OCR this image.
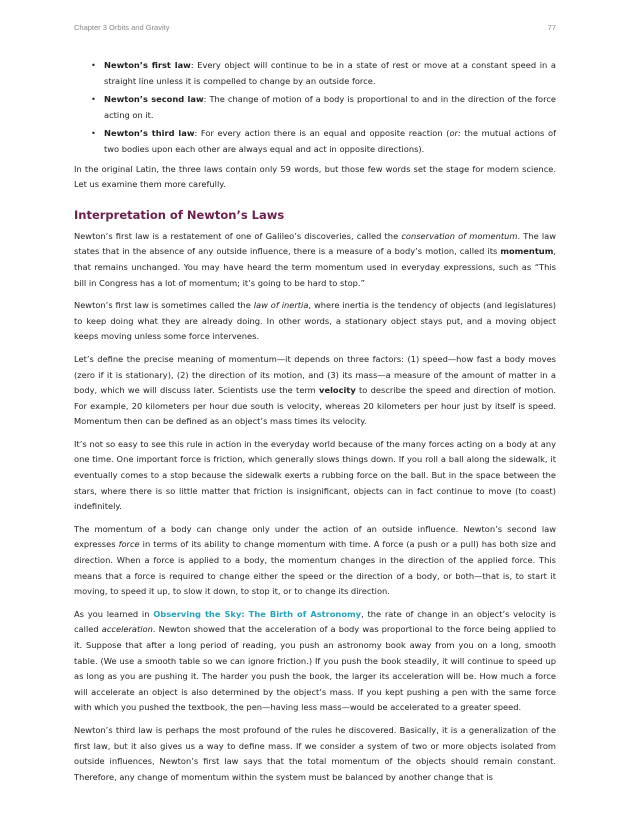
Chapter 3 Orbits and Gravity	77
• Newton’s first law: Every object will continue to be in a state of rest or move at a constant speed in a straight line unless it is compelled to change by an outside force.
• Newton’s second law: The change of motion of a body is proportional to and in the direction of the force acting on it.
• Newton’s third law: For every action there is an equal and opposite reaction (or: the mutual actions of two bodies upon each other are always equal and act in opposite directions).

In the original Latin, the three laws contain only 59 words, but those few words set the stage for modern science. Let us examine them more carefully.

Interpretation of Newton’s Laws

Newton’s first law is a restatement of one of Galileo’s discoveries, called the conservation of momentum. The law states that in the absence of any outside influence, there is a measure of a body’s motion, called its momentum, that remains unchanged. You may have heard the term momentum used in everyday expressions, such as “This bill in Congress has a lot of momentum; it’s going to be hard to stop.”

Newton’s first law is sometimes called the law of inertia, where inertia is the tendency of objects (and legislatures) to keep doing what they are already doing. In other words, a stationary object stays put, and a moving object keeps moving unless some force intervenes.

Let’s define the precise meaning of momentum—it depends on three factors: (1) speed—how fast a body moves (zero if it is stationary), (2) the direction of its motion, and (3) its mass—a measure of the amount of matter in a body, which we will discuss later. Scientists use the term velocity to describe the speed and direction of motion. For example, 20 kilometers per hour due south is velocity, whereas 20 kilometers per hour just by itself is speed. Momentum then can be defined as an object’s mass times its velocity.

It’s not so easy to see this rule in action in the everyday world because of the many forces acting on a body at any one time. One important force is friction, which generally slows things down. If you roll a ball along the sidewalk, it eventually comes to a stop because the sidewalk exerts a rubbing force on the ball. But in the space between the stars, where there is so little matter that friction is insignificant, objects can in fact continue to move (to coast) indefinitely.

The momentum of a body can change only under the action of an outside influence. Newton’s second law expresses force in terms of its ability to change momentum with time. A force (a push or a pull) has both size and direction. When a force is applied to a body, the momentum changes in the direction of the applied force. This means that a force is required to change either the speed or the direction of a body, or both—that is, to start it moving, to speed it up, to slow it down, to stop it, or to change its direction.

As you learned in Observing the Sky: The Birth of Astronomy, the rate of change in an object’s velocity is called acceleration. Newton showed that the acceleration of a body was proportional to the force being applied to it. Suppose that after a long period of reading, you push an astronomy book away from you on a long, smooth table. (We use a smooth table so we can ignore friction.) If you push the book steadily, it will continue to speed up as long as you are pushing it. The harder you push the book, the larger its acceleration will be. How much a force will accelerate an object is also determined by the object’s mass. If you kept pushing a pen with the same force with which you pushed the textbook, the pen—having less mass—would be accelerated to a greater speed.

Newton’s third law is perhaps the most profound of the rules he discovered. Basically, it is a generalization of the first law, but it also gives us a way to define mass. If we consider a system of two or more objects isolated from outside influences, Newton’s first law says that the total momentum of the objects should remain constant. Therefore, any change of momentum within the system must be balanced by another change that is
